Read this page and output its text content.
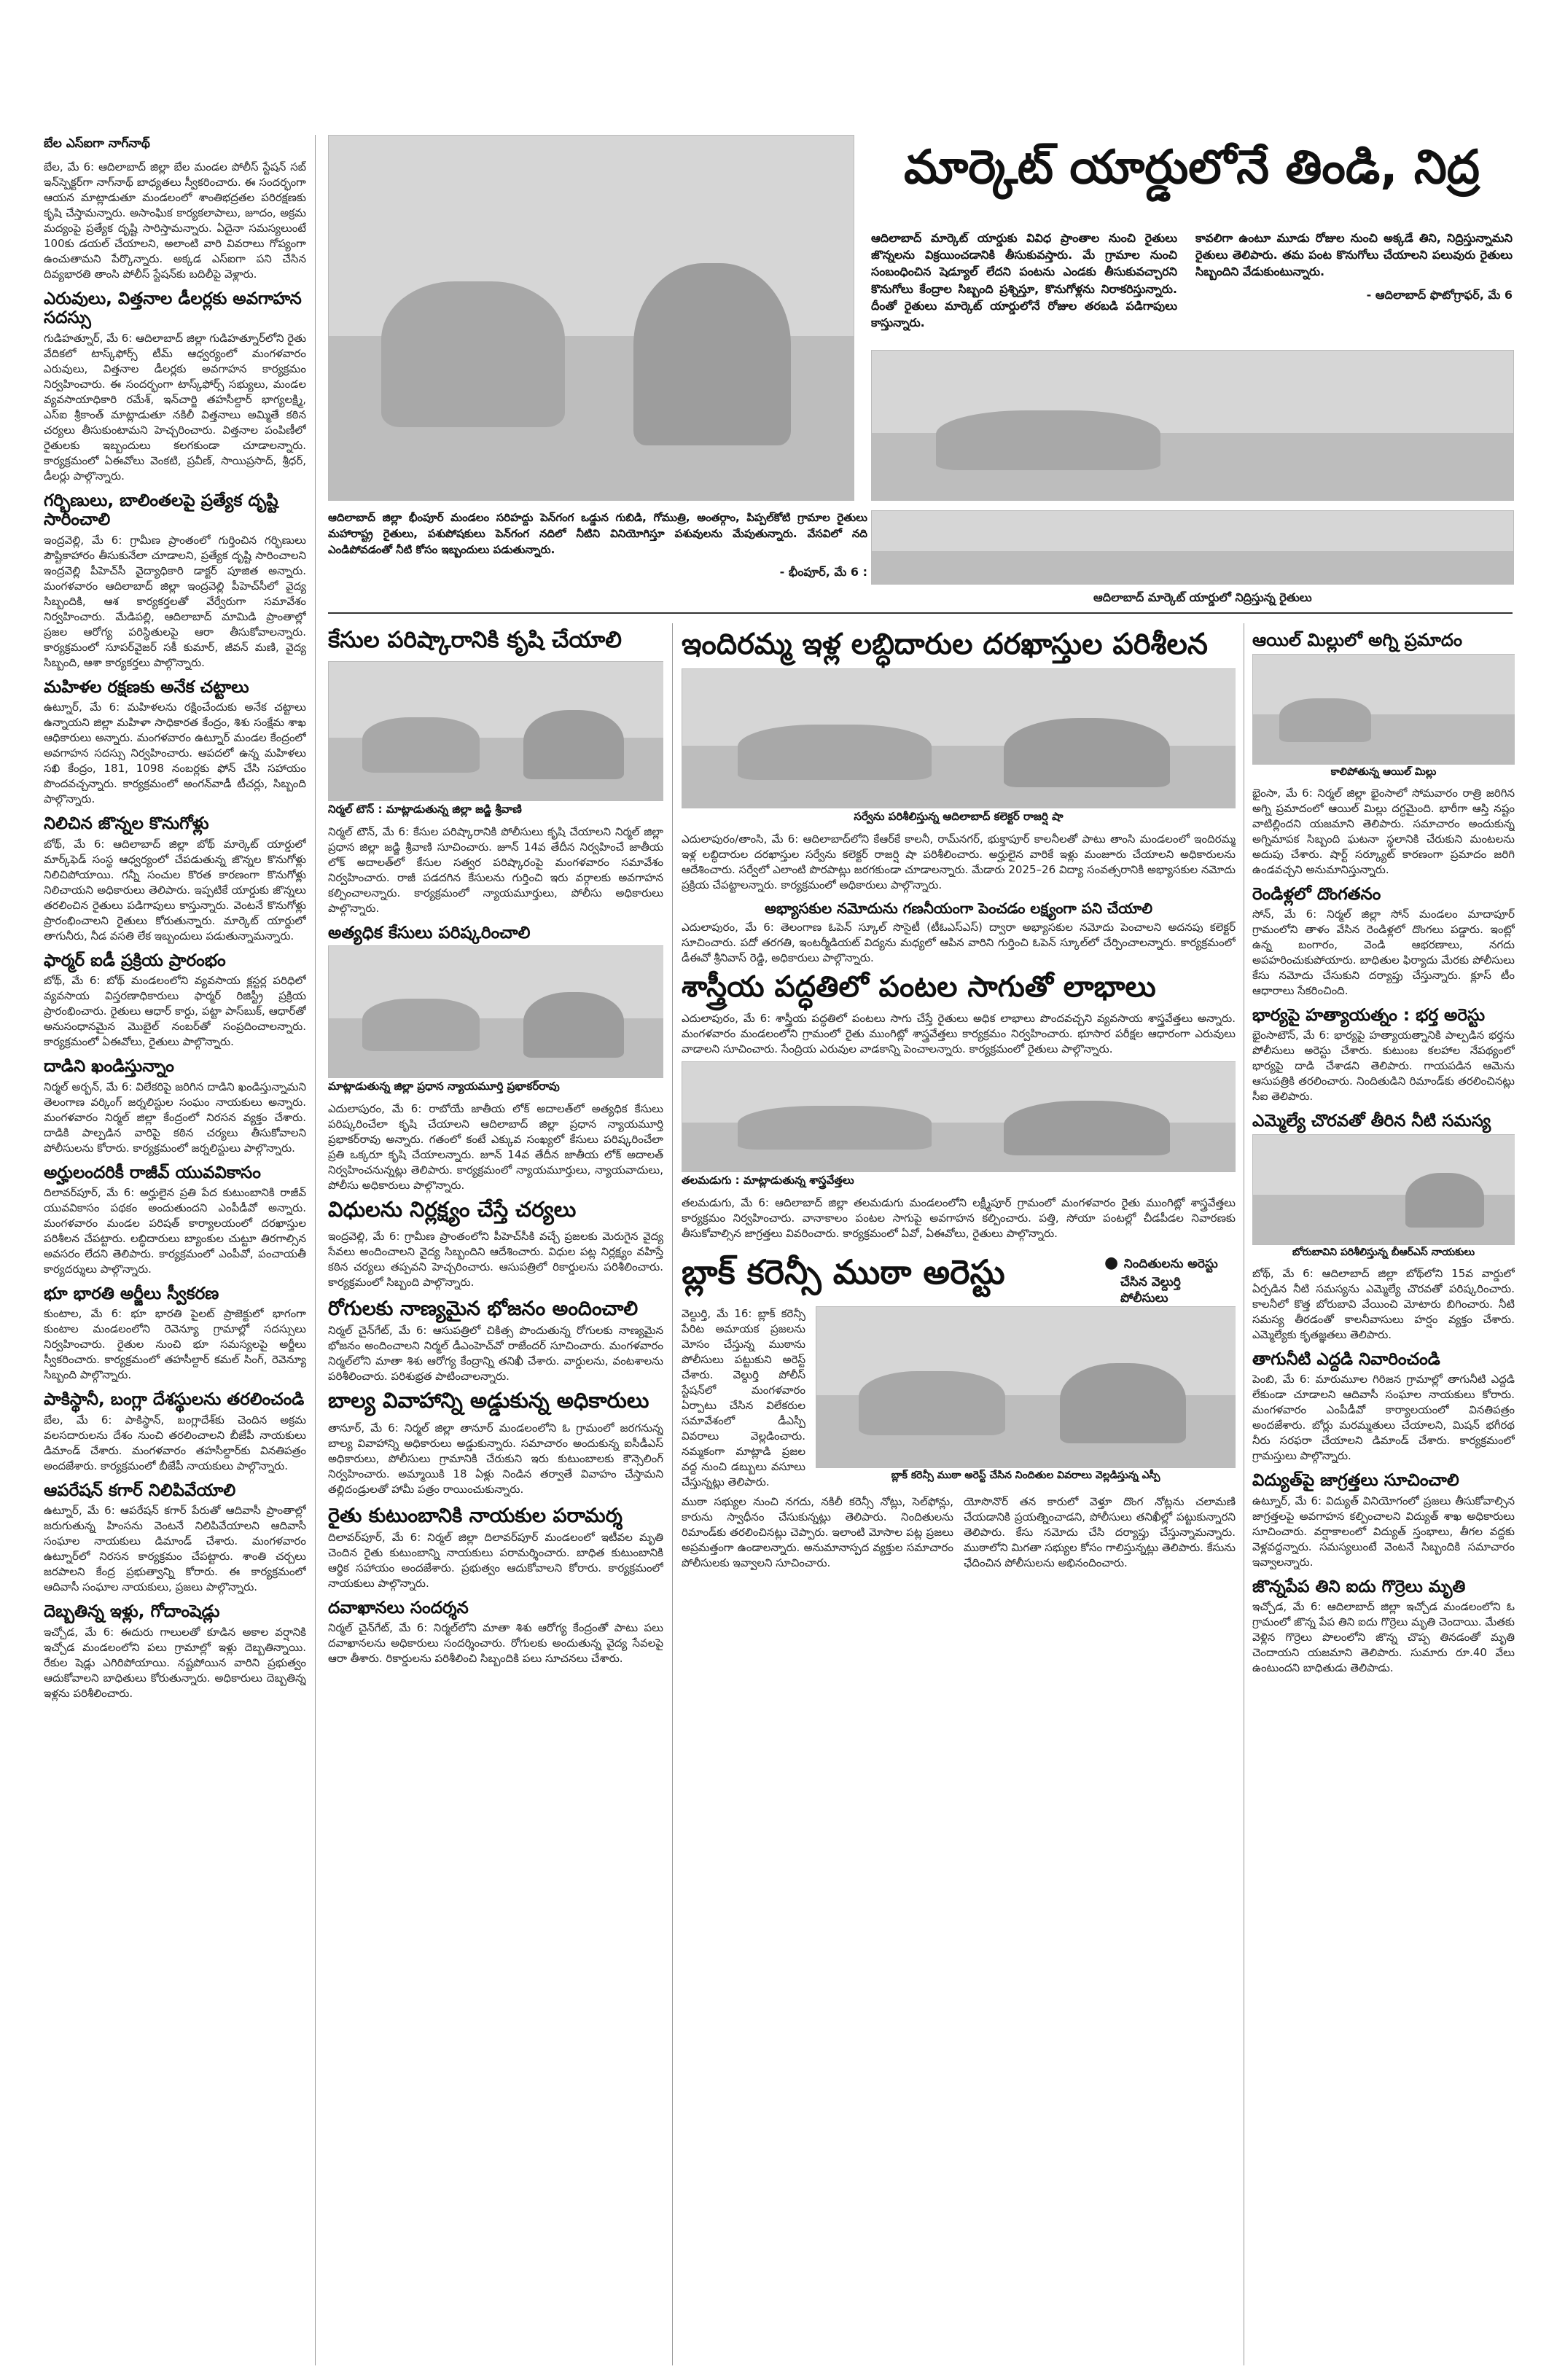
బేల ఎస్‌ఐగా నాగ్‌నాథ్

బేల, మే 6: ఆదిలాబాద్ జిల్లా బేల మండల పోలీస్ స్టేషన్ సబ్ ఇన్‌స్పెక్టర్‌గా నాగ్‌నాథ్ బాధ్యతలు స్వీకరించారు. ఈ సందర్భంగా ఆయన మాట్లాడుతూ మండలంలో శాంతిభద్రతల పరిరక్షణకు కృషి చేస్తామన్నారు. అసాంఘిక కార్యకలాపాలు, జూదం, అక్రమ మద్యంపై ప్రత్యేక దృష్టి సారిస్తామన్నారు. ఏదైనా సమస్యలుంటే 100కు డయల్ చేయాలని, అలాంటి వారి వివరాలు గోప్యంగా ఉంచుతామని పేర్కొన్నారు. అక్కడ ఎస్‌ఐగా పని చేసిన దివ్యభారతి తాంసి పోలీస్ స్టేషన్‌కు బదిలీపై వెళ్లారు.

ఎరువులు, విత్తనాల డీలర్లకు అవగాహన సదస్సు

గుడిహత్నూర్, మే 6: ఆదిలాబాద్ జిల్లా గుడిహత్నూర్‌లోని రైతు వేదికలో టాస్క్‌ఫోర్స్ టీమ్ ఆధ్వర్యంలో మంగళవారం ఎరువులు, విత్తనాల డీలర్లకు అవగాహన కార్యక్రమం నిర్వహించారు. ఈ సందర్భంగా టాస్క్‌ఫోర్స్ సభ్యులు, మండల వ్యవసాయాధికారి రమేశ్, ఇన్‌చార్జి తహసీల్దార్ భాగ్యలక్ష్మి, ఎస్ఐ శ్రీకాంత్ మాట్లాడుతూ నకిలీ విత్తనాలు అమ్మితే కఠిన చర్యలు తీసుకుంటామని హెచ్చరించారు. విత్తనాల పంపిణీలో రైతులకు ఇబ్బందులు కలగకుండా చూడాలన్నారు. కార్యక్రమంలో ఏఈవోలు వెంకటి, ప్రవీణ్, సాయిప్రసాద్, శ్రీధర్, డీలర్లు పాల్గొన్నారు.

గర్భిణులు, బాలింతలపై ప్రత్యేక దృష్టి సారించాలి

ఇంద్రవెల్లి, మే 6: గ్రామీణ ప్రాంతంలో గుర్తించిన గర్భిణులు పౌష్టికాహారం తీసుకునేలా చూడాలని, ప్రత్యేక దృష్టి సారించాలని ఇంద్రవెల్లి పీహెచ్‌సీ వైద్యాధికారి డాక్టర్ పూజిత అన్నారు. మంగళవారం ఆదిలాబాద్ జిల్లా ఇంద్రవెల్లి పీహెచ్‌సీలో వైద్య సిబ్బందికి, ఆశ కార్యకర్తలతో వేర్వేరుగా సమావేశం నిర్వహించారు. మేడిపల్లి, ఆదిలాబాద్ మామిడి ప్రాంతాల్లో ప్రజల ఆరోగ్య పరిస్థితులపై ఆరా తీసుకోవాలన్నారు. కార్యక్రమంలో సూపర్‌వైజర్ సకీ కుమార్, జీవన్ మణి, వైద్య సిబ్బంది, ఆశా కార్యకర్తలు పాల్గొన్నారు.

మహిళల రక్షణకు అనేక చట్టాలు

ఉట్నూర్, మే 6: మహిళలను రక్షించేందుకు అనేక చట్టాలు ఉన్నాయని జిల్లా మహిళా సాధికారత కేంద్రం, శిశు సంక్షేమ శాఖ ఆధికారులు అన్నారు. మంగళవారం ఉట్నూర్ మండల కేంద్రంలో అవగాహన సదస్సు నిర్వహించారు. ఆపదలో ఉన్న మహిళలు సఖి కేంద్రం, 181, 1098 నంబర్లకు ఫోన్ చేసి సహాయం పొందవచ్చన్నారు. కార్యక్రమంలో అంగన్‌వాడీ టీచర్లు, సిబ్బంది పాల్గొన్నారు.

నిలిచిన జొన్నల కొనుగోళ్లు

బోథ్, మే 6: ఆదిలాబాద్ జిల్లా బోథ్ మార్కెట్ యార్డులో మార్క్‌ఫెడ్ సంస్థ ఆధ్వర్యంలో చేపడుతున్న జొన్నల కొనుగోళ్లు నిలిచిపోయాయి. గన్నీ సంచుల కొరత కారణంగా కొనుగోళ్లు నిలిచాయని అధికారులు తెలిపారు. ఇప్పటికే యార్డుకు జొన్నలు తరలించిన రైతులు పడిగాపులు కాస్తున్నారు. వెంటనే కొనుగోళ్లు ప్రారంభించాలని రైతులు కోరుతున్నారు. మార్కెట్ యార్డులో తాగునీరు, నీడ వసతి లేక ఇబ్బందులు పడుతున్నామన్నారు.

ఫార్మర్ ఐడీ ప్రక్రియ ప్రారంభం

బోథ్, మే 6: బోథ్ మండలంలోని వ్యవసాయ క్లస్టర్ల పరిధిలో వ్యవసాయ విస్తరణాధికారులు ఫార్మర్ రిజిస్ట్రీ ప్రక్రియ ప్రారంభించారు. రైతులు ఆధార్ కార్డు, పట్టా పాస్‌బుక్, ఆధార్‌తో అనుసంధానమైన మొబైల్ నంబర్‌తో సంప్రదించాలన్నారు. కార్యక్రమంలో ఏఈవోలు, రైతులు పాల్గొన్నారు.

దాడిని ఖండిస్తున్నాం

నిర్మల్ అర్బన్, మే 6: విలేకరిపై జరిగిన దాడిని ఖండిస్తున్నామని తెలంగాణ వర్కింగ్ జర్నలిస్టుల సంఘం నాయకులు అన్నారు. మంగళవారం నిర్మల్ జిల్లా కేంద్రంలో నిరసన వ్యక్తం చేశారు. దాడికి పాల్పడిన వారిపై కఠిన చర్యలు తీసుకోవాలని పోలీసులను కోరారు. కార్యక్రమంలో జర్నలిస్టులు పాల్గొన్నారు.

అర్హులందరికీ రాజీవ్ యువవికాసం

దిలావర్‌పూర్, మే 6: అర్హులైన ప్రతి పేద కుటుంబానికి రాజీవ్ యువవికాసం పథకం అందుతుందని ఎంపీడీవో అన్నారు. మంగళవారం మండల పరిషత్ కార్యాలయంలో దరఖాస్తుల పరిశీలన చేపట్టారు. లబ్ధిదారులు బ్యాంకుల చుట్టూ తిరగాల్సిన అవసరం లేదని తెలిపారు. కార్యక్రమంలో ఎంపీవో, పంచాయతీ కార్యదర్శులు పాల్గొన్నారు.

భూ భారతి అర్జీలు స్వీకరణ

కుంటాల, మే 6: భూ భారతి పైలట్ ప్రాజెక్టులో భాగంగా కుంటాల మండలంలోని రెవెన్యూ గ్రామాల్లో సదస్సులు నిర్వహించారు. రైతుల నుంచి భూ సమస్యలపై అర్జీలు స్వీకరించారు. కార్యక్రమంలో తహసీల్దార్ కమల్ సింగ్, రెవెన్యూ సిబ్బంది పాల్గొన్నారు.

పాకిస్థానీ, బంగ్లా దేశస్థులను తరలించండి

బేల, మే 6: పాకిస్థాన్, బంగ్లాదేశ్‌కు చెందిన అక్రమ వలసదారులను దేశం నుంచి తరలించాలని బీజేపీ నాయకులు డిమాండ్ చేశారు. మంగళవారం తహసీల్దార్‌కు వినతిపత్రం అందజేశారు. కార్యక్రమంలో బీజేపీ నాయకులు పాల్గొన్నారు.

ఆపరేషన్ కగార్ నిలిపివేయాలి

ఉట్నూర్, మే 6: ఆపరేషన్ కగార్ పేరుతో ఆదివాసీ ప్రాంతాల్లో జరుగుతున్న హింసను వెంటనే నిలిపివేయాలని ఆదివాసీ సంఘాల నాయకులు డిమాండ్ చేశారు. మంగళవారం ఉట్నూర్‌లో నిరసన కార్యక్రమం చేపట్టారు. శాంతి చర్చలు జరపాలని కేంద్ర ప్రభుత్వాన్ని కోరారు. ఈ కార్యక్రమంలో ఆదివాసీ సంఘాల నాయకులు, ప్రజలు పాల్గొన్నారు.

దెబ్బతిన్న ఇళ్లు, గోదాంషెడ్లు

ఇచ్చోడ, మే 6: ఈదురు గాలులతో కూడిన అకాల వర్షానికి ఇచ్చోడ మండలంలోని పలు గ్రామాల్లో ఇళ్లు దెబ్బతిన్నాయి. రేకుల షెడ్లు ఎగిరిపోయాయి. నష్టపోయిన వారిని ప్రభుత్వం ఆదుకోవాలని బాధితులు కోరుతున్నారు. అధికారులు దెబ్బతిన్న ఇళ్లను పరిశీలించారు.

మార్కెట్ యార్డులోనే తిండి, నిద్ర
ఆదిలాబాద్ మార్కెట్ యార్డుకు వివిధ ప్రాంతాల నుంచి రైతులు జొన్నలను విక్రయించడానికి తీసుకువస్తారు. మే గ్రామాల నుంచి సంబంధించిన షెడ్యూల్ లేదని పంటను ఎండకు తీసుకువచ్చారని కొనుగోలు కేంద్రాల సిబ్బంది ప్రశ్నిస్తూ, కొనుగోళ్లను నిరాకరిస్తున్నారు. దీంతో రైతులు మార్కెట్ యార్డులోనే రోజుల తరబడి పడిగాపులు కాస్తున్నారు.
కావలిగా ఉంటూ మూడు రోజుల నుంచి అక్కడే తిని, నిద్రిస్తున్నామని రైతులు తెలిపారు. తమ పంట కొనుగోలు చేయాలని పలువురు రైతులు సిబ్బందిని వేడుకుంటున్నారు.
- ఆదిలాబాద్ ఫొటోగ్రాఫర్, మే 6
ఆదిలాబాద్ జిల్లా భీంపూర్ మండలం సరిహద్దు పెన్‌గంగ ఒడ్డున గుబిడి, గోముత్రి, అంతర్గాం, పిప్పల్‌కోటి గ్రామాల రైతులు మహారాష్ట్ర రైతులు, పశుపోషకులు పెన్‌గంగ నదిలో నీటిని వినియోగిస్తూ పశువులను మేపుతున్నారు. వేసవిలో నది ఎండిపోవడంతో నీటి కోసం ఇబ్బందులు పడుతున్నారు.
- భీంపూర్, మే 6 :
ఆదిలాబాద్ మార్కెట్ యార్డులో నిద్రిస్తున్న రైతులు
కేసుల పరిష్కారానికి కృషి చేయాలి
నిర్మల్ టౌన్ : మాట్లాడుతున్న జిల్లా జడ్జి శ్రీవాణి

నిర్మల్ టౌన్, మే 6: కేసుల పరిష్కారానికి పోలీసులు కృషి చేయాలని నిర్మల్ జిల్లా ప్రధాన జిల్లా జడ్జి శ్రీవాణి సూచించారు. జూన్ 14వ తేదీన నిర్వహించే జాతీయ లోక్ అదాలత్‌లో కేసుల సత్వర పరిష్కారంపై మంగళవారం సమావేశం నిర్వహించారు. రాజీ పడదగిన కేసులను గుర్తించి ఇరు వర్గాలకు అవగాహన కల్పించాలన్నారు. కార్యక్రమంలో న్యాయమూర్తులు, పోలీసు అధికారులు పాల్గొన్నారు.

అత్యధిక కేసులు పరిష్కరించాలి
మాట్లాడుతున్న జిల్లా ప్రధాన న్యాయమూర్తి ప్రభాకర్‌రావు

ఎదులాపురం, మే 6: రాబోయే జాతీయ లోక్ అదాలత్‌లో అత్యధిక కేసులు పరిష్కరించేలా కృషి చేయాలని ఆదిలాబాద్ జిల్లా ప్రధాన న్యాయమూర్తి ప్రభాకర్‌రావు అన్నారు. గతంలో కంటే ఎక్కువ సంఖ్యలో కేసులు పరిష్కరించేలా ప్రతి ఒక్కరూ కృషి చేయాలన్నారు. జూన్ 14వ తేదీన జాతీయ లోక్ అదాలత్ నిర్వహించనున్నట్లు తెలిపారు. కార్యక్రమంలో న్యాయమూర్తులు, న్యాయవాదులు, పోలీసు అధికారులు పాల్గొన్నారు.

విధులను నిర్లక్ష్యం చేస్తే చర్యలు

ఇంద్రవెల్లి, మే 6: గ్రామీణ ప్రాంతంలోని పీహెచ్‌సీకి వచ్చే ప్రజలకు మెరుగైన వైద్య సేవలు అందించాలని వైద్య సిబ్బందిని ఆదేశించారు. విధుల పట్ల నిర్లక్ష్యం వహిస్తే కఠిన చర్యలు తప్పవని హెచ్చరించారు. ఆసుపత్రిలో రికార్డులను పరిశీలించారు. కార్యక్రమంలో సిబ్బంది పాల్గొన్నారు.

రోగులకు నాణ్యమైన భోజనం అందించాలి

నిర్మల్ చైన్‌గేట్, మే 6: ఆసుపత్రిలో చికిత్స పొందుతున్న రోగులకు నాణ్యమైన భోజనం అందించాలని నిర్మల్ డీఎంహెచ్‌వో రాజేందర్ సూచించారు. మంగళవారం నిర్మల్‌లోని మాతా శిశు ఆరోగ్య కేంద్రాన్ని తనిఖీ చేశారు. వార్డులను, వంటశాలను పరిశీలించారు. పరిశుభ్రత పాటించాలన్నారు.

బాల్య వివాహాన్ని అడ్డుకున్న అధికారులు

తానూర్, మే 6: నిర్మల్ జిల్లా తానూర్ మండలంలోని ఓ గ్రామంలో జరగనున్న బాల్య వివాహాన్ని అధికారులు అడ్డుకున్నారు. సమాచారం అందుకున్న ఐసీడీఎస్ అధికారులు, పోలీసులు గ్రామానికి చేరుకుని ఇరు కుటుంబాలకు కౌన్సెలింగ్ నిర్వహించారు. అమ్మాయికి 18 ఏళ్లు నిండిన తర్వాతే వివాహం చేస్తామని తల్లిదండ్రులతో హామీ పత్రం రాయించుకున్నారు.

రైతు కుటుంబానికి నాయకుల పరామర్శ

దిలావర్‌పూర్, మే 6: నిర్మల్ జిల్లా దిలావర్‌పూర్ మండలంలో ఇటీవల మృతి చెందిన రైతు కుటుంబాన్ని నాయకులు పరామర్శించారు. బాధిత కుటుంబానికి ఆర్థిక సహాయం అందజేశారు. ప్రభుత్వం ఆదుకోవాలని కోరారు. కార్యక్రమంలో నాయకులు పాల్గొన్నారు.

దవాఖానలు సందర్శన

నిర్మల్ చైన్‌గేట్, మే 6: నిర్మల్‌లోని మాతా శిశు ఆరోగ్య కేంద్రంతో పాటు పలు దవాఖానలను అధికారులు సందర్శించారు. రోగులకు అందుతున్న వైద్య సేవలపై ఆరా తీశారు. రికార్డులను పరిశీలించి సిబ్బందికి పలు సూచనలు చేశారు.

ఇందిరమ్మ ఇళ్ల లబ్ధిదారుల దరఖాస్తుల పరిశీలన
సర్వేను పరిశీలిస్తున్న ఆదిలాబాద్ కలెక్టర్ రాజర్షి షా

ఎదులాపురం/తాంసి, మే 6: ఆదిలాబాద్‌లోని కేఆర్‌కే కాలనీ, రామ్‌నగర్, భుక్తాపూర్ కాలనీలతో పాటు తాంసి మండలంలో ఇందిరమ్మ ఇళ్ల లబ్ధిదారుల దరఖాస్తుల సర్వేను కలెక్టర్ రాజర్షి షా పరిశీలించారు. అర్హులైన వారికే ఇళ్లు మంజూరు చేయాలని అధికారులను ఆదేశించారు. సర్వేలో ఎలాంటి పొరపాట్లు జరగకుండా చూడాలన్నారు. మేడారు 2025–26 విద్యా సంవత్సరానికి అభ్యాసకుల నమోదు ప్రక్రియ చేపట్టాలన్నారు. కార్యక్రమంలో అధికారులు పాల్గొన్నారు.

అభ్యాసకుల నమోదును గణనీయంగా పెంచడం లక్ష్యంగా పని చేయాలి

ఎదులాపురం, మే 6: తెలంగాణ ఓపెన్ స్కూల్ సొసైటీ (టీఓఎస్ఎస్) ద్వారా అభ్యాసకుల నమోదు పెంచాలని అదనపు కలెక్టర్ సూచించారు. పదో తరగతి, ఇంటర్మీడియట్ విద్యను మధ్యలో ఆపిన వారిని గుర్తించి ఓపెన్ స్కూల్‌లో చేర్పించాలన్నారు. కార్యక్రమంలో డీఈవో శ్రీనివాస్ రెడ్డి, అధికారులు పాల్గొన్నారు.

శాస్త్రీయ పద్ధతిలో పంటల సాగుతో లాభాలు

ఎదులాపురం, మే 6: శాస్త్రీయ పద్ధతిలో పంటలు సాగు చేస్తే రైతులు అధిక లాభాలు పొందవచ్చని వ్యవసాయ శాస్త్రవేత్తలు అన్నారు. మంగళవారం మండలంలోని గ్రామంలో రైతు ముంగిట్లో శాస్త్రవేత్తలు కార్యక్రమం నిర్వహించారు. భూసార పరీక్షల ఆధారంగా ఎరువులు వాడాలని సూచించారు. సేంద్రియ ఎరువుల వాడకాన్ని పెంచాలన్నారు. కార్యక్రమంలో రైతులు పాల్గొన్నారు.

తలమడుగు : మాట్లాడుతున్న శాస్త్రవేత్తలు

తలమడుగు, మే 6: ఆదిలాబాద్ జిల్లా తలమడుగు మండలంలోని లక్ష్మీపూర్ గ్రామంలో మంగళవారం రైతు ముంగిట్లో శాస్త్రవేత్తలు కార్యక్రమం నిర్వహించారు. వానాకాలం పంటల సాగుపై అవగాహన కల్పించారు. పత్తి, సోయా పంటల్లో చీడపీడల నివారణకు తీసుకోవాల్సిన జాగ్రత్తలు వివరించారు. కార్యక్రమంలో ఏవో, ఏఈవోలు, రైతులు పాల్గొన్నారు.

బ్లాక్ కరెన్సీ ముఠా అరెస్టు	● నిందితులను అరెస్టు
చేసిన వెల్దుర్తి
పోలీసులు

వెల్దుర్తి, మే 16: బ్లాక్ కరెన్సీ పేరిట అమాయక ప్రజలను మోసం చేస్తున్న ముఠాను పోలీసులు పట్టుకుని అరెస్ట్ చేశారు. వెల్దుర్తి పోలీస్ స్టేషన్‌లో మంగళవారం ఏర్పాటు చేసిన విలేకరుల సమావేశంలో డీఎస్పీ వివరాలు వెల్లడించారు. నమ్మకంగా మాట్లాడి ప్రజల వద్ద నుంచి డబ్బులు వసూలు చేస్తున్నట్లు తెలిపారు.	బ్లాక్ కరెన్సీ ముఠా అరెస్ట్ చేసిన నిందితుల వివరాలు వెల్లడిస్తున్న ఎస్పీ

ముఠా సభ్యుల నుంచి నగదు, నకిలీ కరెన్సీ నోట్లు, సెల్‌ఫోన్లు, కారును స్వాధీనం చేసుకున్నట్లు తెలిపారు. నిందితులను రిమాండ్‌కు తరలించినట్లు చెప్పారు. ఇలాంటి మోసాల పట్ల ప్రజలు అప్రమత్తంగా ఉండాలన్నారు. అనుమానాస్పద వ్యక్తుల సమాచారం పోలీసులకు ఇవ్వాలని సూచించారు.

యోసొనొర్ తన కారులో వెళ్తూ దొంగ నోట్లను చలామణి చేయడానికి ప్రయత్నించాడని, పోలీసులు తనిఖీల్లో పట్టుకున్నారని తెలిపారు. కేసు నమోదు చేసి దర్యాప్తు చేస్తున్నామన్నారు. ముఠాలోని మిగతా సభ్యుల కోసం గాలిస్తున్నట్లు తెలిపారు. కేసును ఛేదించిన పోలీసులను అభినందించారు.

ఆయిల్ మిల్లులో అగ్ని ప్రమాదం
కాలిపోతున్న ఆయిల్ మిల్లు

భైంసా, మే 6: నిర్మల్ జిల్లా భైంసాలో సోమవారం రాత్రి జరిగిన అగ్ని ప్రమాదంలో ఆయిల్ మిల్లు దగ్ధమైంది. భారీగా ఆస్తి నష్టం వాటిల్లిందని యజమాని తెలిపారు. సమాచారం అందుకున్న అగ్నిమాపక సిబ్బంది ఘటనా స్థలానికి చేరుకుని మంటలను అదుపు చేశారు. షార్ట్ సర్క్యూట్ కారణంగా ప్రమాదం జరిగి ఉండవచ్చని అనుమానిస్తున్నారు.

రెండిళ్లలో దొంగతనం

సోన్, మే 6: నిర్మల్ జిల్లా సోన్ మండలం మాదాపూర్ గ్రామంలోని తాళం వేసిన రెండిళ్లలో దొంగలు పడ్డారు. ఇంట్లో ఉన్న బంగారం, వెండి ఆభరణాలు, నగదు అపహరించుకుపోయారు. బాధితుల ఫిర్యాదు మేరకు పోలీసులు కేసు నమోదు చేసుకుని దర్యాప్తు చేస్తున్నారు. క్లూస్ టీం ఆధారాలు సేకరించింది.

భార్యపై హత్యాయత్నం : భర్త అరెస్టు

భైంసాటౌన్, మే 6: భార్యపై హత్యాయత్నానికి పాల్పడిన భర్తను పోలీసులు అరెస్టు చేశారు. కుటుంబ కలహాల నేపథ్యంలో భార్యపై దాడి చేశాడని తెలిపారు. గాయపడిన ఆమెను ఆసుపత్రికి తరలించారు. నిందితుడిని రిమాండ్‌కు తరలించినట్లు సీఐ తెలిపారు.

ఎమ్మెల్యే చొరవతో తీరిన నీటి సమస్య
బోరుబావిని పరిశీలిస్తున్న బీఆర్ఎస్ నాయకులు

బోథ్, మే 6: ఆదిలాబాద్ జిల్లా బోథ్‌లోని 15వ వార్డులో ఏర్పడిన నీటి సమస్యను ఎమ్మెల్యే చొరవతో పరిష్కరించారు. కాలనీలో కొత్త బోరుబావి వేయించి మోటారు బిగించారు. నీటి సమస్య తీరడంతో కాలనీవాసులు హర్షం వ్యక్తం చేశారు. ఎమ్మెల్యేకు కృతజ్ఞతలు తెలిపారు.

తాగునీటి ఎద్దడి నివారించండి

పెంబి, మే 6: మారుమూల గిరిజన గ్రామాల్లో తాగునీటి ఎద్దడి లేకుండా చూడాలని ఆదివాసీ సంఘాల నాయకులు కోరారు. మంగళవారం ఎంపీడీవో కార్యాలయంలో వినతిపత్రం అందజేశారు. బోర్లు మరమ్మతులు చేయాలని, మిషన్ భగీరథ నీరు సరఫరా చేయాలని డిమాండ్ చేశారు. కార్యక్రమంలో గ్రామస్తులు పాల్గొన్నారు.

విద్యుత్‌పై జాగ్రత్తలు సూచించాలి

ఉట్నూర్, మే 6: విద్యుత్ వినియోగంలో ప్రజలు తీసుకోవాల్సిన జాగ్రత్తలపై అవగాహన కల్పించాలని విద్యుత్ శాఖ అధికారులు సూచించారు. వర్షాకాలంలో విద్యుత్ స్తంభాలు, తీగల వద్దకు వెళ్లవద్దన్నారు. సమస్యలుంటే వెంటనే సిబ్బందికి సమాచారం ఇవ్వాలన్నారు.

జొన్నపేప తిని ఐదు గొర్రెలు మృతి

ఇచ్చోడ, మే 6: ఆదిలాబాద్ జిల్లా ఇచ్చోడ మండలంలోని ఓ గ్రామంలో జొన్న పేప తిని ఐదు గొర్రెలు మృతి చెందాయి. మేతకు వెళ్లిన గొర్రెలు పొలంలోని జొన్న చొప్ప తినడంతో మృతి చెందాయని యజమాని తెలిపారు. సుమారు రూ.40 వేలు ఉంటుందని బాధితుడు తెలిపాడు.
